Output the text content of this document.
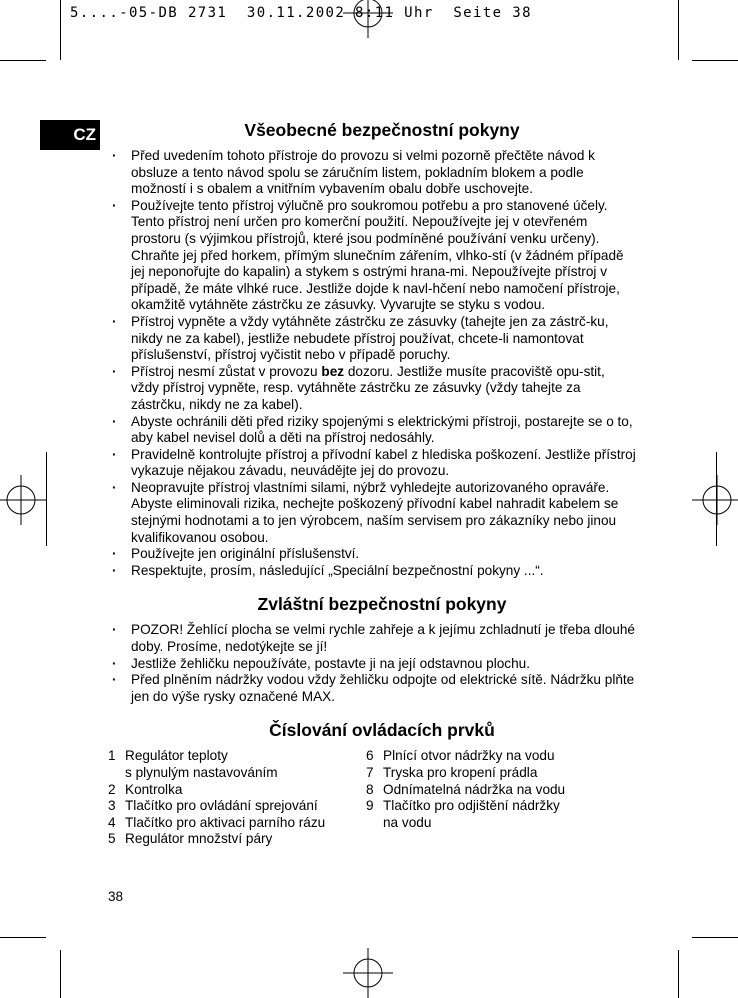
5....-05-DB 2731  30.11.2002 8:11 Uhr  Seite 38
CZ	Všeobecné bezpečnostní pokyny
· Před uvedením tohoto přístroje do provozu si velmi pozorně přečtěte návod k obsluze a tento návod spolu se záručním listem, pokladním blokem a podle možností i s obalem a vnitřním vybavením obalu dobře uschovejte.
· Používejte tento přístroj výlučně pro soukromou potřebu a pro stanovené účely. Tento přístroj není určen pro komerční použití. Nepoužívejte jej v otevřeném prostoru (s výjimkou přístrojů, které jsou podmíněné používání venku určeny). Chraňte jej před horkem, přímým slunečním zářením, vlhko-stí (v žádném případě jej neponořujte do kapalin) a stykem s ostrými hrana-mi. Nepoužívejte přístroj v případě, že máte vlhké ruce. Jestliže dojde k navl-hčení nebo namočení přístroje, okamžitě vytáhněte zástrčku ze zásuvky. Vyvarujte se styku s vodou.
· Přístroj vypněte a vždy vytáhněte zástrčku ze zásuvky (tahejte jen za zástrč-ku, nikdy ne za kabel), jestliže nebudete přístroj používat, chcete-li namontovat příslušenství, přístroj vyčistit nebo v případě poruchy.
· Přístroj nesmí zůstat v provozu bez dozoru. Jestliže musíte pracoviště opu-stit, vždy přístroj vypněte, resp. vytáhněte zástrčku ze zásuvky (vždy tahejte za zástrčku, nikdy ne za kabel).
· Abyste ochránili děti před riziky spojenými s elektrickými přístroji, postarejte se o to, aby kabel nevisel dolů a děti na přístroj nedosáhly.
· Pravidelně kontrolujte přístroj a přívodní kabel z hlediska poškození. Jestliže přístroj vykazuje nějakou závadu, neuvádějte jej do provozu.
· Neopravujte přístroj vlastními silami, nýbrž vyhledejte autorizovaného opraváře. Abyste eliminovali rizika, nechejte poškozený přívodní kabel nahradit kabelem se stejnými hodnotami a to jen výrobcem, naším servisem pro zákazníky nebo jinou kvalifikovanou osobou.
· Používejte jen originální příslušenství.
· Respektujte, prosím, následující „Speciální bezpečnostní pokyny ...“.
Zvláštní bezpečnostní pokyny
· POZOR! Žehlící plocha se velmi rychle zahřeje a k jejímu zchladnutí je třeba dlouhé doby. Prosíme, nedotýkejte se jí!
· Jestliže žehličku nepoužíváte, postavte ji na její odstavnou plochu.
· Před plněním nádržky vodou vždy žehličku odpojte od elektrické sítě. Nádržku plňte jen do výše rysky označené MAX.
Číslování ovládacích prvků
1 Regulátor teploty
s plynulým nastavováním
2 Kontrolka
3 Tlačítko pro ovládání sprejování
4 Tlačítko pro aktivaci parního rázu
5 Regulátor množství páry
6 Plnící otvor nádržky na vodu
7 Tryska pro kropení prádla
8 Odnímatelná nádržka na vodu
9 Tlačítko pro odjištění nádržky
na vodu
38
